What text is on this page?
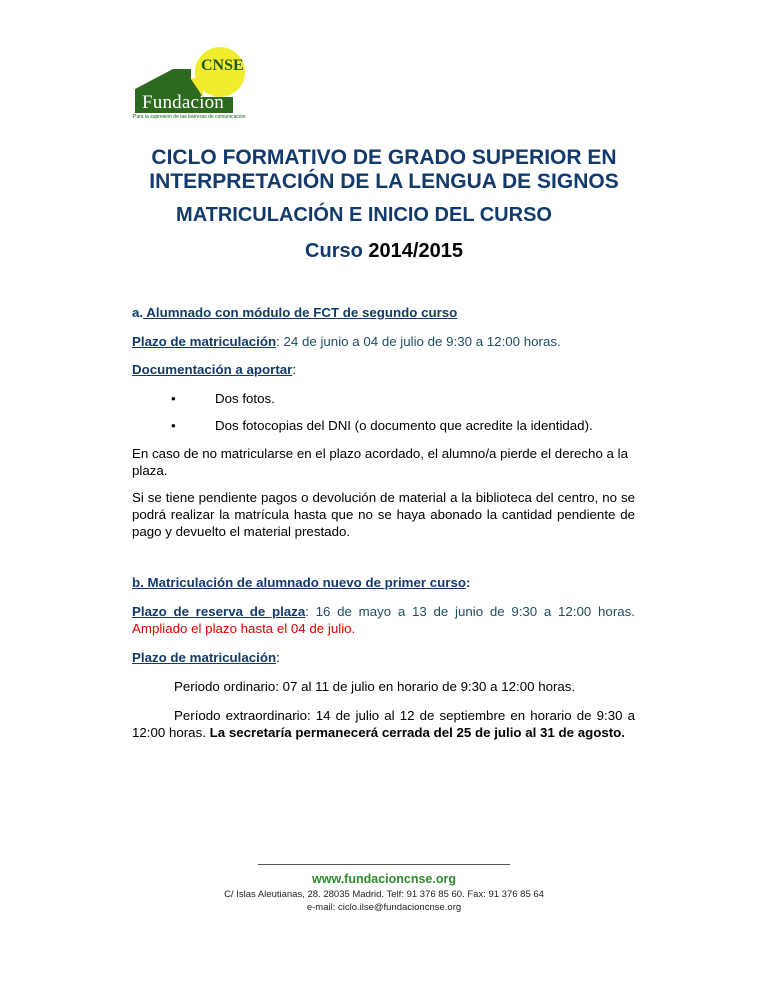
CNSE
Fundación
Para la supresión de las barreras de comunicación
CICLO FORMATIVO DE GRADO SUPERIOR EN
INTERPRETACIÓN DE LA LENGUA DE SIGNOS
MATRICULACIÓN E INICIO DEL CURSO
Curso 2014/2015
a. Alumnado con módulo de FCT de segundo curso
Plazo de matriculación: 24 de junio a 04 de julio de 9:30 a 12:00 horas.
Documentación a aportar:
•	Dos fotos.
•	Dos fotocopias del DNI (o documento que acredite la identidad).
En caso de no matricularse en el plazo acordado, el alumno/a pierde el derecho a la plaza.
Si se tiene pendiente pagos o devolución de material a la biblioteca del centro, no se podrá realizar la matrícula hasta que no se haya abonado la cantidad pendiente de pago y devuelto el material prestado.
b. Matriculación de alumnado nuevo de primer curso:
Plazo de reserva de plaza: 16 de mayo a 13 de junio de 9:30 a 12:00 horas. Ampliado el plazo hasta el 04 de julio.
Plazo de matriculación:
Periodo ordinario: 07 al 11 de julio en horario de 9:30 a 12:00 horas.
Período extraordinario: 14 de julio al 12 de septiembre en horario de 9:30 a 12:00 horas. La secretaría permanecerá cerrada del 25 de julio al 31 de agosto.
www.fundacioncnse.org
C/ Islas Aleutianas, 28. 28035 Madrid. Telf: 91 376 85 60. Fax: 91 376 85 64
e-mail: ciclo.ilse@fundacioncnse.org
